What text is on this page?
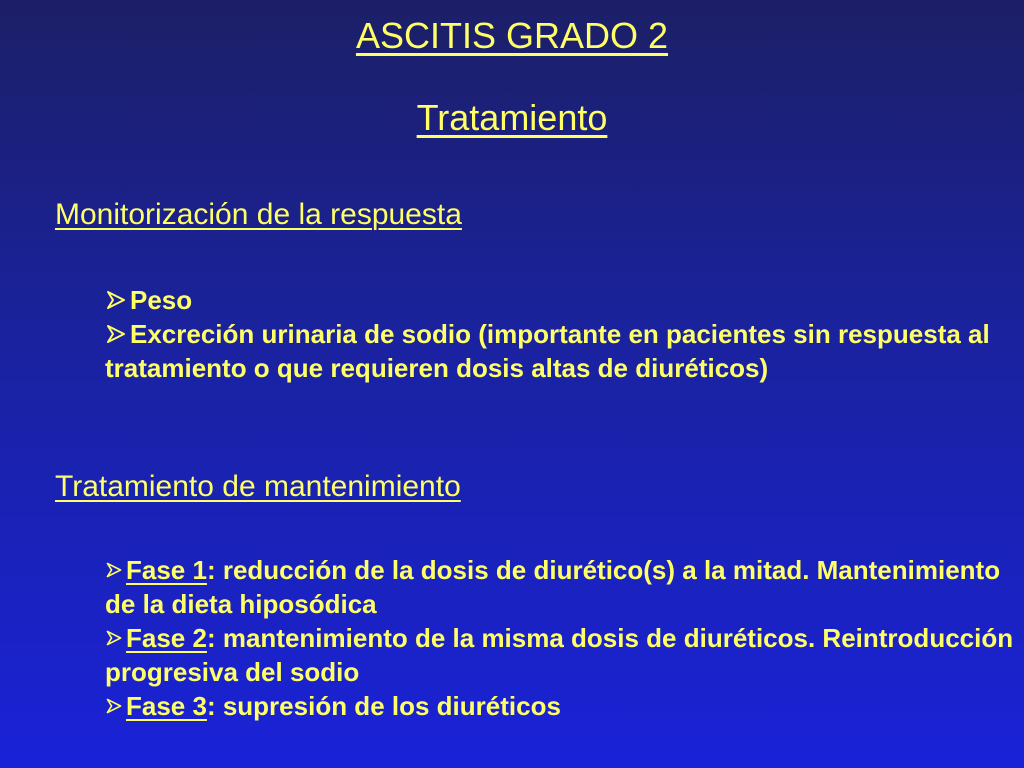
ASCITIS GRADO 2
Tratamiento
Monitorización de la respuesta
Peso
Excreción urinaria de sodio (importante en pacientes sin respuesta al tratamiento o que requieren dosis altas de diuréticos)
Tratamiento de mantenimiento
Fase 1: reducción de la dosis de diurético(s) a la mitad. Mantenimiento de la dieta hiposódica
Fase 2: mantenimiento de la misma dosis de diuréticos. Reintroducción progresiva del sodio
Fase 3: supresión de los diuréticos
